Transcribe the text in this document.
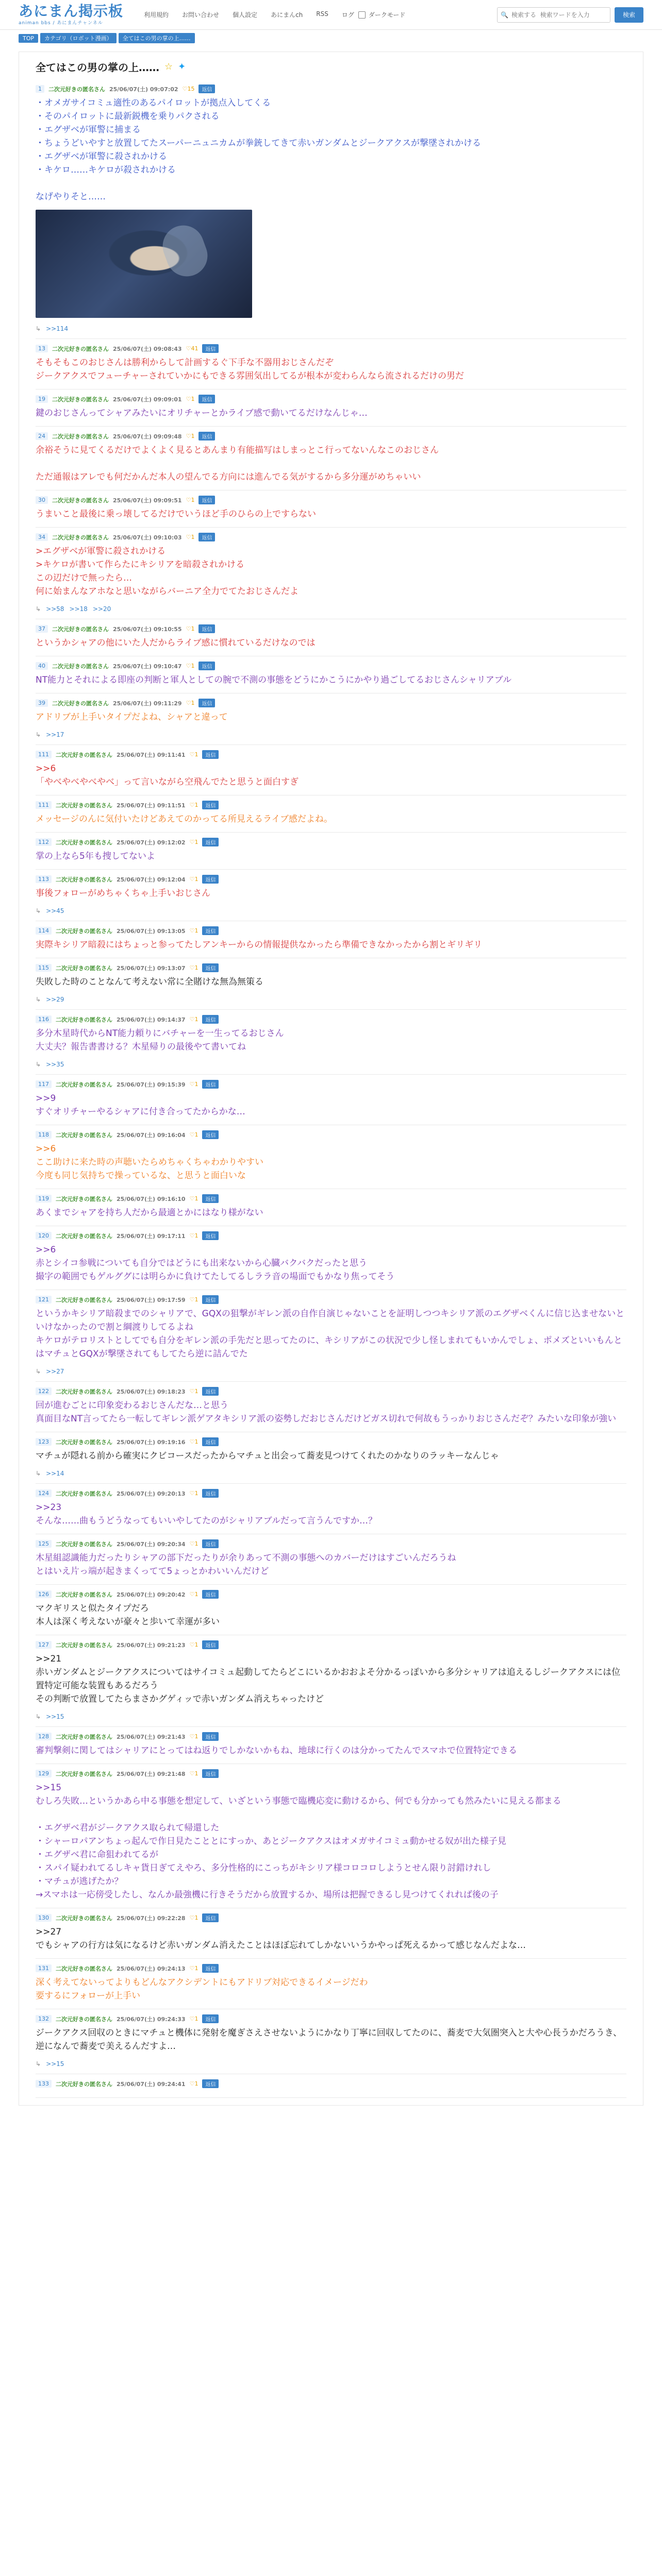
あにまん掲示板
animan bbs / あにまんチャンネル
利用規約 お問い合わせ 個人設定 あにまんch RSS ログ ダークモード	🔍
検索する 検索ワードを入力	検索
TOP	カテゴリ（ロボット漫画）	全てはこの男の掌の上……
全てはこの男の掌の上…… ☆ ✦
1	二次元好きの匿名さん 25/06/07(土) 09:07:02 ♡15	返信
・オメガサイコミュ適性のあるパイロットが拠点入してくる
・そのパイロットに最新鋭機を乗りパクされる
・エグザベが軍警に捕まる
・ちょうどいやすと放置してたスーパーニュニカムが拳銃してきて赤いガンダムとジークアクスが撃墜されかける
・エグザベが軍警に殺されかける
・キケロ……キケロが殺されかける

なげやりそと……
↳ >>114
13	二次元好きの匿名さん 25/06/07(土) 09:08:43 ♡41	返信
そもそもこのおじさんは勝利からして計画するぐ下手な不器用おじさんだぞ
ジークアクスでフューチャーされていかにもできる雰囲気出してるが根本が変わらんなら流されるだけの男だ
19	二次元好きの匿名さん 25/06/07(土) 09:09:01 ♡1	返信
鍵のおじさんってシャアみたいにオリチャーとかライブ感で動いてるだけなんじゃ…
24	二次元好きの匿名さん 25/06/07(土) 09:09:48 ♡1	返信
余裕そうに見てくるだけでよくよく見るとあんまり有能描写はしまっとこ行ってないんなこのおじさん

ただ通報はアレでも何だかんだ本人の望んでる方向には進んでる気がするから多分運がめちゃいい
30	二次元好きの匿名さん 25/06/07(土) 09:09:51 ♡1	返信
うまいこと最後に乗っ壊してるだけでいうほど手のひらの上ですらない
34	二次元好きの匿名さん 25/06/07(土) 09:10:03 ♡1	返信
>エグザベが軍警に殺されかける
>キケロが書いて作らたにキシリアを暗殺されかける
この辺だけで無ったら…
何に始まんなアホなと思いながらバーニア全力でてたおじさんだよ
↳ >>58 >>18 >>20
37	二次元好きの匿名さん 25/06/07(土) 09:10:55 ♡1	返信
というかシャアの他にいた人だからライブ感に慣れているだけなのでは
40	二次元好きの匿名さん 25/06/07(土) 09:10:47 ♡1	返信
NT能力とそれによる即座の判断と軍人としての腕で不測の事態をどうにかこうにかやり過ごしてるおじさんシャリアブル
39	二次元好きの匿名さん 25/06/07(土) 09:11:29 ♡1	返信
アドリブが上手いタイプだよね、シャアと違って
↳ >>17
111	二次元好きの匿名さん 25/06/07(土) 09:11:41 ♡1	返信
>>6
「やべやべやべやべ」って言いながら空飛んでたと思うと面白すぎ
111	二次元好きの匿名さん 25/06/07(土) 09:11:51 ♡1	返信
メッセージのんに気付いたけどあえてのかってる所見えるライブ感だよね。
112	二次元好きの匿名さん 25/06/07(土) 09:12:02 ♡1	返信
掌の上なら5年も捜してないよ
113	二次元好きの匿名さん 25/06/07(土) 09:12:04 ♡1	返信
事後フォローがめちゃくちゃ上手いおじさん
↳ >>45
114	二次元好きの匿名さん 25/06/07(土) 09:13:05 ♡1	返信
実際キシリア暗殺にはちょっと参ってたしアンキーからの情報提供なかったら準備できなかったから割とギリギリ
115	二次元好きの匿名さん 25/06/07(土) 09:13:07 ♡1	返信
失敗した時のことなんて考えない常に全賭けな無為無策る
↳ >>29
116	二次元好きの匿名さん 25/06/07(土) 09:14:37 ♡1	返信
多分木星時代からNT能力頼りにバチャーを一生ってるおじさん
大丈夫？報告書書ける？木星帰りの最後やて書いてね
↳ >>35
117	二次元好きの匿名さん 25/06/07(土) 09:15:39 ♡1	返信
>>9
すぐオリチャーやるシャアに付き合ってたからかな…
118	二次元好きの匿名さん 25/06/07(土) 09:16:04 ♡1	返信
>>6
ここ助けに来た時の声聴いたらめちゃくちゃわかりやすい
今度も同じ気持ちで操っているな、と思うと面白いな
119	二次元好きの匿名さん 25/06/07(土) 09:16:10 ♡1	返信
あくまでシャアを持ち人だから最適とかにはなり様がない
120	二次元好きの匿名さん 25/06/07(土) 09:17:11 ♡1	返信
>>6
赤とシイコ参戦についても自分ではどうにも出来ないから心臓バクバクだったと思う
撮字の範囲でもゲルググには明らかに負けてたしてるしララ音の場面でもかなり焦ってそう
121	二次元好きの匿名さん 25/06/07(土) 09:17:59 ♡1	返信
というかキシリア暗殺までのシャリアで、GQXの狙撃がギレン派の自作自演じゃないことを証明しつつキシリア派のエグザベくんに信じ込ませないといけなかったので割と綱渡りしてるよね
キケロがテロリストとしてでも自分をギレン派の手先だと思ってたのに、キシリアがこの状況で少し怪しまれてもいかんでしょ、ポメズといいもんとはマチュとGQXが撃墜されてもしてたら逆に詰んでた
↳ >>27
122	二次元好きの匿名さん 25/06/07(土) 09:18:23 ♡1	返信
回が進むごとに印象変わるおじさんだな…と思う
真面目なNT言ってたら一転してギレン派ゲアタキシリア派の姿勢しだおじさんだけどガス切れで何故もうっかりおじさんだぞ？みたいな印象が強い
123	二次元好きの匿名さん 25/06/07(土) 09:19:16 ♡1	返信
マチュが隠れる前から確実にクビコースだったからマチュと出会って蕎麦見つけてくれたのかなりのラッキーなんじゃ
↳ >>14
124	二次元好きの匿名さん 25/06/07(土) 09:20:13 ♡1	返信
>>23
そんな……曲もうどうなってもいいやしてたのがシャリアブルだって言うんですか…？
125	二次元好きの匿名さん 25/06/07(土) 09:20:34 ♡1	返信
木星組認識能力だったりシャアの部下だったりが余りあって不測の事態へのカバーだけはすごいんだろうね
とはいえ片っ端が起きまくってて5ょっとかわいいんだけど
126	二次元好きの匿名さん 25/06/07(土) 09:20:42 ♡1	返信
マクギリスと似たタイプだろ
本人は深く考えないが豪々と歩いて幸運が多い
127	二次元好きの匿名さん 25/06/07(土) 09:21:23 ♡1	返信
>>21
赤いガンダムとジークアクスについてはサイコミュ起動してたらどこにいるかおおよそ分かるっぽいから多分シャリアは追えるしジークアクスには位置特定可能な装置もあるだろう
その判断で放置してたらまさかグゲィッで赤いガンダム消えちゃったけど
↳ >>15
128	二次元好きの匿名さん 25/06/07(土) 09:21:43 ♡1	返信
審判撃剣に関してはシャリアにとってはね返りでしかないかもね、地球に行くのは分かってたんでスマホで位置特定できる
129	二次元好きの匿名さん 25/06/07(土) 09:21:48 ♡1	返信
>>15
むしろ失敗…というかあら中る事態を想定して、いざという事態で臨機応変に動けるから、何でも分かっても然みたいに見える都まる

・エグザベ君がジークアクス取られて帰還した
・シャーロパアンちょっ起んで作日見たこととにすっか、あとジークアクスはオメガサイコミュ動かせる奴が出た様子見
・エグザベ君に命狙われてるが
・スパイ疑われてるしキャ貨日ぎてえやろ、多分性格的にこっちがキシリア様コロコロしようとせん限り討錯けれし
・マチュが逃げたか？
→スマホは一応傍受したし、なんか最強機に行きそうだから放置するか、場所は把握できるし見つけてくれれば後の子
130	二次元好きの匿名さん 25/06/07(土) 09:22:28 ♡1	返信
>>27
でもシャアの行方は気になるけど赤いガンダム消えたことはほぼ忘れてしかないいうかやっぱ死えるかって感じなんだよな…
131	二次元好きの匿名さん 25/06/07(土) 09:24:13 ♡1	返信
深く考えてないってよりもどんなアクシデントにもアドリブ対応できるイメージだわ
要するにフォローが上手い
132	二次元好きの匿名さん 25/06/07(土) 09:24:33 ♡1	返信
ジークアクス回収のときにマチュと機体に発射を魔ぎさえさせないようにかなり丁寧に回収してたのに、蕎麦で大気圏突入と大や心長うかだろうき、逆になんで蕎麦で美えるんだすよ…
↳ >>15
133	二次元好きの匿名さん 25/06/07(土) 09:24:41 ♡1	返信
